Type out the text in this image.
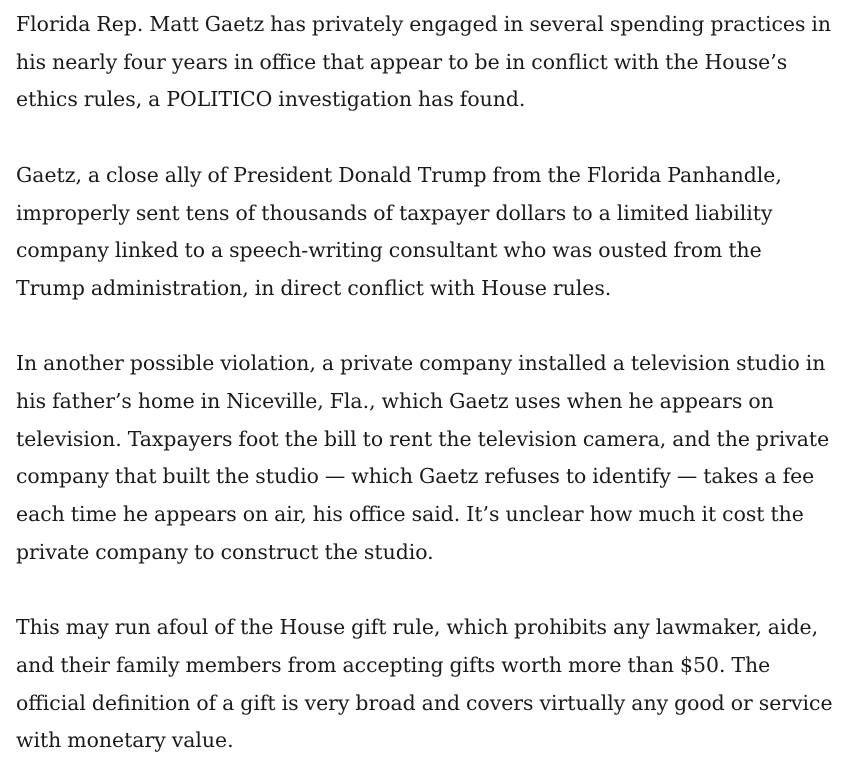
Florida Rep. Matt Gaetz has privately engaged in several spending practices in
his nearly four years in office that appear to be in conflict with the House’s
ethics rules, a POLITICO investigation has found.

Gaetz, a close ally of President Donald Trump from the Florida Panhandle,
improperly sent tens of thousands of taxpayer dollars to a limited liability
company linked to a speech-writing consultant who was ousted from the
Trump administration, in direct conflict with House rules.

In another possible violation, a private company installed a television studio in
his father’s home in Niceville, Fla., which Gaetz uses when he appears on
television. Taxpayers foot the bill to rent the television camera, and the private
company that built the studio — which Gaetz refuses to identify — takes a fee
each time he appears on air, his office said. It’s unclear how much it cost the
private company to construct the studio.

This may run afoul of the House gift rule, which prohibits any lawmaker, aide,
and their family members from accepting gifts worth more than $50. The
official definition of a gift is very broad and covers virtually any good or service
with monetary value.
